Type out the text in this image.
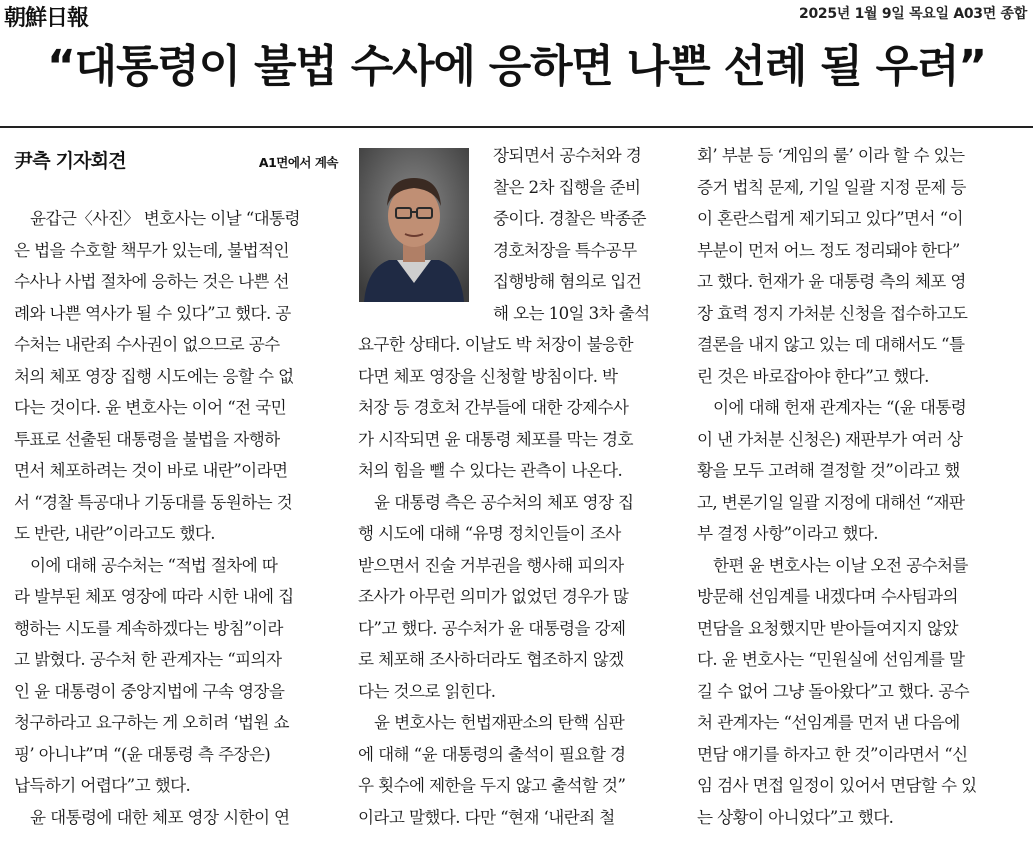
朝鮮日報	2025년 1월 9일 목요일 A03면 종합
“대통령이 불법 수사에 응하면 나쁜 선례 될 우려”
尹측 기자회견	A1면에서 계속

　윤갑근〈사진〉 변호사는 이날 “대통령
은 법을 수호할 책무가 있는데, 불법적인
수사나 사법 절차에 응하는 것은 나쁜 선
례와 나쁜 역사가 될 수 있다”고 했다. 공
수처는 내란죄 수사권이 없으므로 공수
처의 체포 영장 집행 시도에는 응할 수 없
다는 것이다. 윤 변호사는 이어 “전 국민
투표로 선출된 대통령을 불법을 자행하
면서 체포하려는 것이 바로 내란”이라면
서 “경찰 특공대나 기동대를 동원하는 것
도 반란, 내란”이라고도 했다.
　이에 대해 공수처는 “적법 절차에 따
라 발부된 체포 영장에 따라 시한 내에 집
행하는 시도를 계속하겠다는 방침”이라
고 밝혔다. 공수처 한 관계자는 “피의자
인 윤 대통령이 중앙지법에 구속 영장을
청구하라고 요구하는 게 오히려 ‘법원 쇼
핑’ 아니냐”며 “(윤 대통령 측 주장은)
납득하기 어렵다”고 했다.
　윤 대통령에 대한 체포 영장 시한이 연

장되면서 공수처와 경
찰은 2차 집행을 준비
중이다. 경찰은 박종준
경호처장을 특수공무
집행방해 혐의로 입건
해 오는 10일 3차 출석

요구한 상태다. 이날도 박 처장이 불응한
다면 체포 영장을 신청할 방침이다. 박
처장 등 경호처 간부들에 대한 강제수사
가 시작되면 윤 대통령 체포를 막는 경호
처의 힘을 뺄 수 있다는 관측이 나온다.
　윤 대통령 측은 공수처의 체포 영장 집
행 시도에 대해 “유명 정치인들이 조사
받으면서 진술 거부권을 행사해 피의자
조사가 아무런 의미가 없었던 경우가 많
다”고 했다. 공수처가 윤 대통령을 강제
로 체포해 조사하더라도 협조하지 않겠
다는 것으로 읽힌다.
　윤 변호사는 헌법재판소의 탄핵 심판
에 대해 “윤 대통령의 출석이 필요할 경
우 횟수에 제한을 두지 않고 출석할 것”
이라고 말했다. 다만 “현재 ‘내란죄 철

회’ 부분 등 ‘게임의 룰’ 이라 할 수 있는
증거 법칙 문제, 기일 일괄 지정 문제 등
이 혼란스럽게 제기되고 있다”면서 “이
부분이 먼저 어느 정도 정리돼야 한다”
고 했다. 헌재가 윤 대통령 측의 체포 영
장 효력 정지 가처분 신청을 접수하고도
결론을 내지 않고 있는 데 대해서도 “틀
린 것은 바로잡아야 한다”고 했다.
　이에 대해 헌재 관계자는 “(윤 대통령
이 낸 가처분 신청은) 재판부가 여러 상
황을 모두 고려해 결정할 것”이라고 했
고, 변론기일 일괄 지정에 대해선 “재판
부 결정 사항”이라고 했다.
　한편 윤 변호사는 이날 오전 공수처를
방문해 선임계를 내겠다며 수사팀과의
면담을 요청했지만 받아들여지지 않았
다. 윤 변호사는 “민원실에 선임계를 말
길 수 없어 그냥 돌아왔다”고 했다. 공수
처 관계자는 “선임계를 먼저 낸 다음에
면담 얘기를 하자고 한 것”이라면서 “신
임 검사 면접 일정이 있어서 면담할 수 있
는 상황이 아니었다”고 했다.
